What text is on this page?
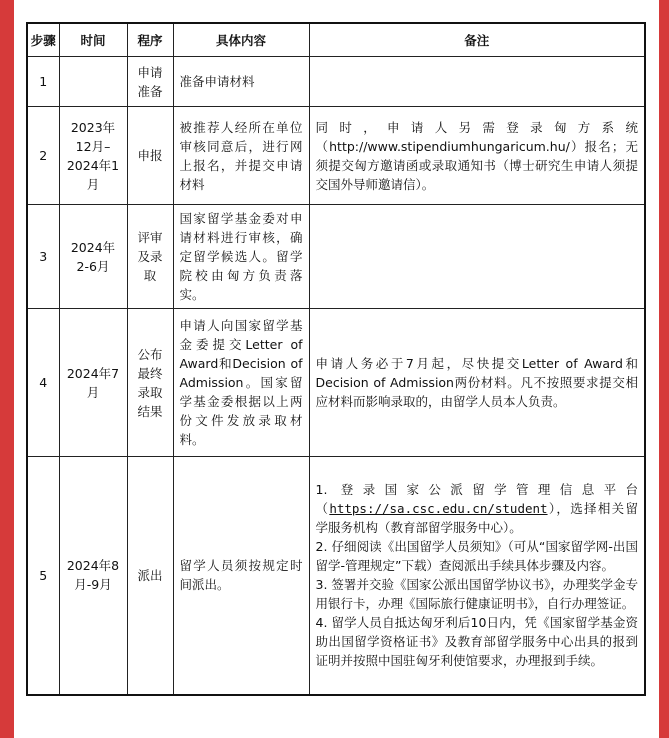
步骤	时间	程序	具体内容	备注
1		申请准备	准备申请材料	
2	2023年12月–2024年1月	申报	被推荐人经所在单位审核同意后，进行网上报名，并提交申请材料	同时，申请人另需登录匈方系统（http://www.stipendiumhungaricum.hu/）报名；无须提交匈方邀请函或录取通知书（博士研究生申请人须提交国外导师邀请信）。
3	2024年2-6月	评审及录取	国家留学基金委对申请材料进行审核，确定留学候选人。留学院校由匈方负责落实。	
4	2024年7月	公布最终录取结果	申请人向国家留学基金委提交Letter of Award和Decision of Admission。国家留学基金委根据以上两份文件发放录取材料。	申请人务必于7月起，尽快提交Letter of Award和Decision of Admission两份材料。凡不按照要求提交相应材料而影响录取的，由留学人员本人负责。
5	2024年8月-9月	派出	留学人员须按规定时间派出。	1. 登录国家公派留学管理信息平台（https://sa.csc.edu.cn/student），选择相关留学服务机构（教育部留学服务中心）。
2. 仔细阅读《出国留学人员须知》（可从“国家留学网-出国留学-管理规定”下载）查阅派出手续具体步骤及内容。
3. 签署并交验《国家公派出国留学协议书》，办理奖学金专用银行卡，办理《国际旅行健康证明书》，自行办理签证。
4. 留学人员自抵达匈牙利后10日内，凭《国家留学基金资助出国留学资格证书》及教育部留学服务中心出具的报到证明并按照中国驻匈牙利使馆要求，办理报到手续。
